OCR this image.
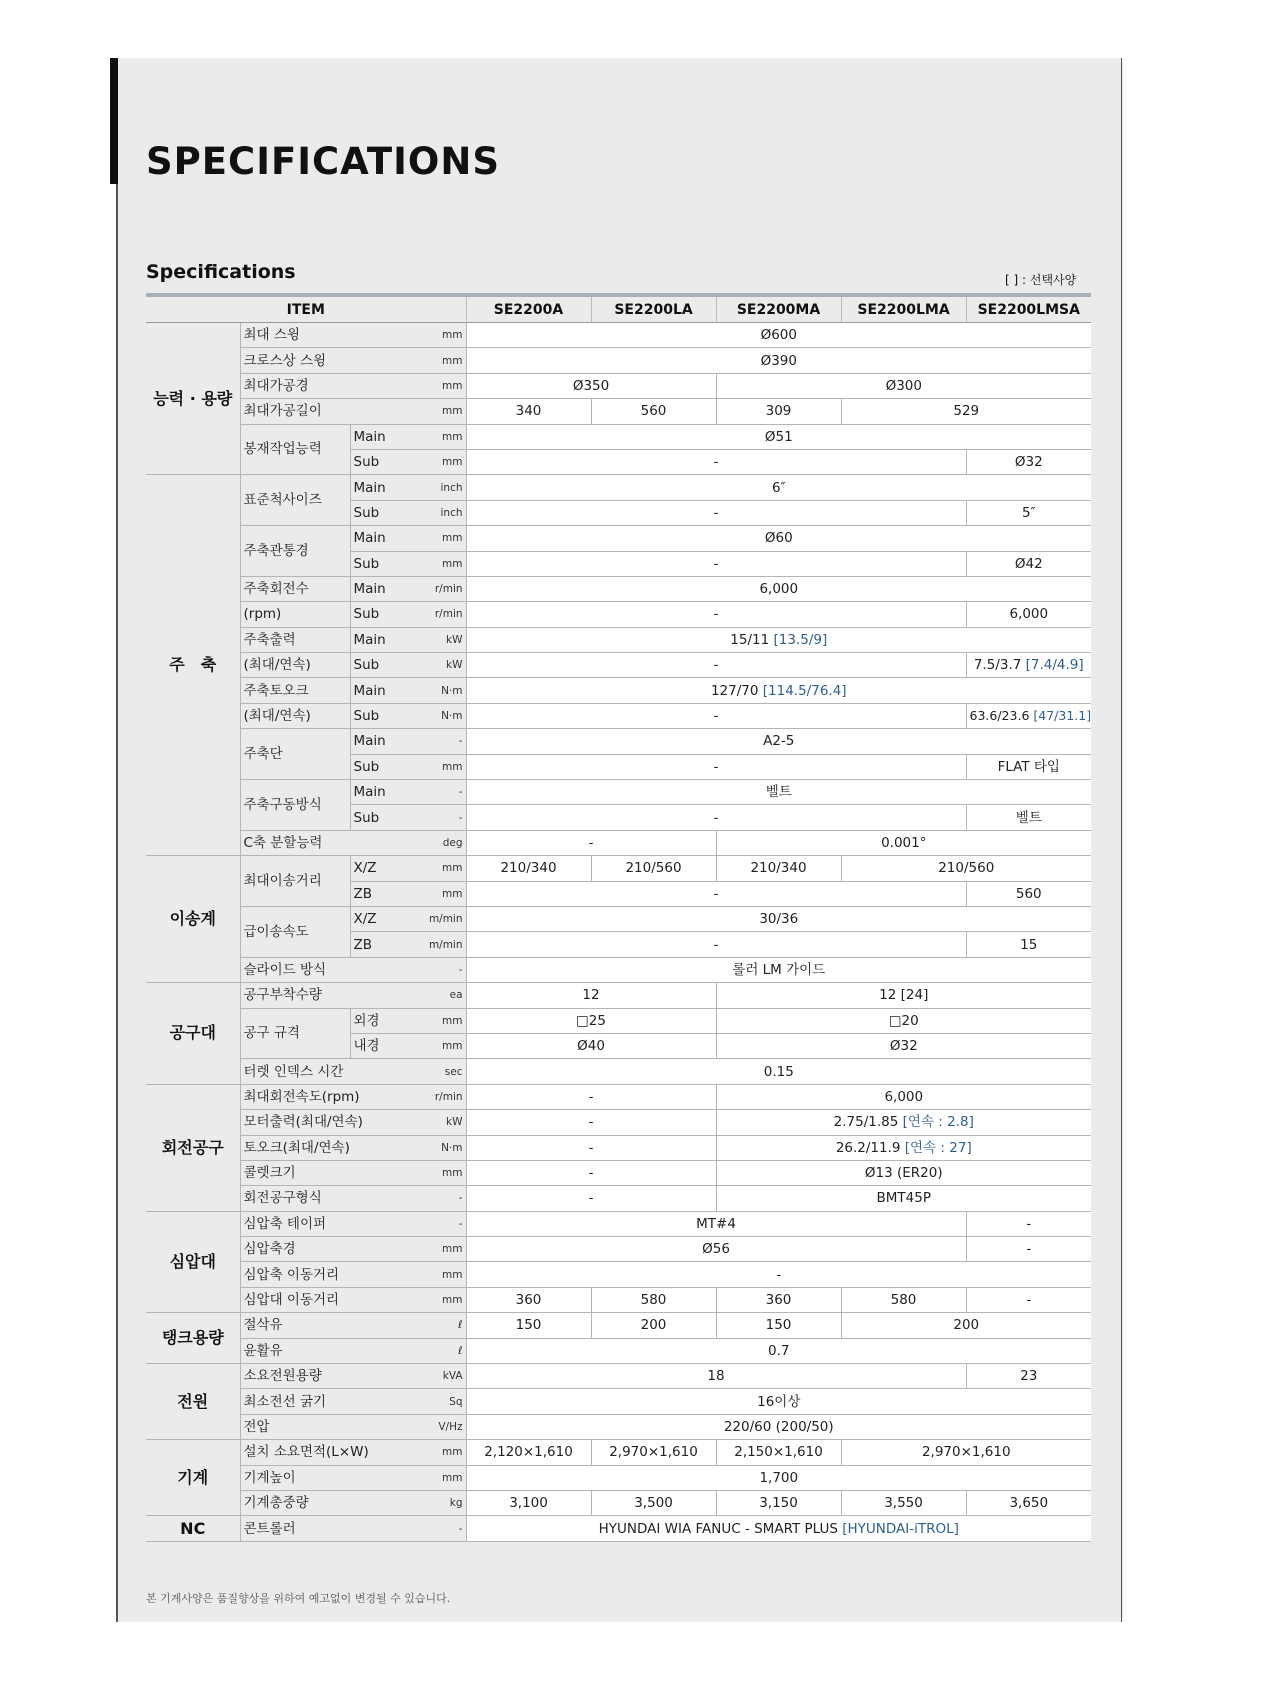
SPECIFICATIONS
Specifications	[ ] : 선택사양
ITEM				SE2200A	SE2200LA	SE2200MA	SE2200LMA	SE2200LMSA
능력 · 용량	최대 스윙		mm	Ø600				
	크로스상 스윙		mm	Ø390				
	최대가공경		mm	Ø350		Ø300		
	최대가공길이		mm	340	560	309	529	
	봉재작업능력	Main	mm	Ø51				
		Sub	mm	-				Ø32
주　축	표준척사이즈	Main	inch	6″				
		Sub	inch	-				5″
	주축관통경	Main	mm	Ø60				
		Sub	mm	-				Ø42
	주축회전수	Main	r/min	6,000				
	(rpm)	Sub	r/min	-				6,000
	주축출력	Main	kW	15/11 [13.5/9]				
	(최대/연속)	Sub	kW	-				7.5/3.7 [7.4/4.9]
	주축토오크	Main	N·m	127/70 [114.5/76.4]				
	(최대/연속)	Sub	N·m	-				63.6/23.6 [47/31.1]
	주축단	Main	-	A2-5				
		Sub	mm	-				FLAT 타입
	주축구동방식	Main	-	벨트				
		Sub	-	-				벨트
	C축 분할능력		deg	-		0.001°		
이송계	최대이송거리	X/Z	mm	210/340	210/560	210/340	210/560	
		ZB	mm	-				560
	급이송속도	X/Z	m/min	30/36				
		ZB	m/min	-				15
	슬라이드 방식		-	롤러 LM 가이드				
공구대	공구부착수량		ea	12		12 [24]		
	공구 규격	외경	mm	□25		□20		
		내경	mm	Ø40		Ø32		
	터렛 인덱스 시간		sec	0.15				
회전공구	최대회전속도(rpm)		r/min	-		6,000		
	모터출력(최대/연속)		kW	-		2.75/1.85 [연속 : 2.8]		
	토오크(최대/연속)		N·m	-		26.2/11.9 [연속 : 27]		
	콜렛크기		mm	-		Ø13 (ER20)		
	회전공구형식		-	-		BMT45P		
심압대	심압축 테이퍼		-	MT#4				-
	심압축경		mm	Ø56				-
	심압축 이동거리		mm	-				
	심압대 이동거리		mm	360	580	360	580	-
탱크용량	절삭유		ℓ	150	200	150	200	
	윤활유		ℓ	0.7				
전원	소요전원용량		kVA	18				23
	최소전선 굵기		Sq	16이상				
	전압		V/Hz	220/60 (200/50)				
기계	설치 소요면적(L×W)		mm	2,120×1,610	2,970×1,610	2,150×1,610	2,970×1,610	
	기계높이		mm	1,700				
	기계총중량		kg	3,100	3,500	3,150	3,550	3,650
NC	콘트롤러		-	HYUNDAI WIA FANUC - SMART PLUS [HYUNDAI-iTROL]				

본 기계사양은 품질향상을 위하여 예고없이 변경될 수 있습니다.
